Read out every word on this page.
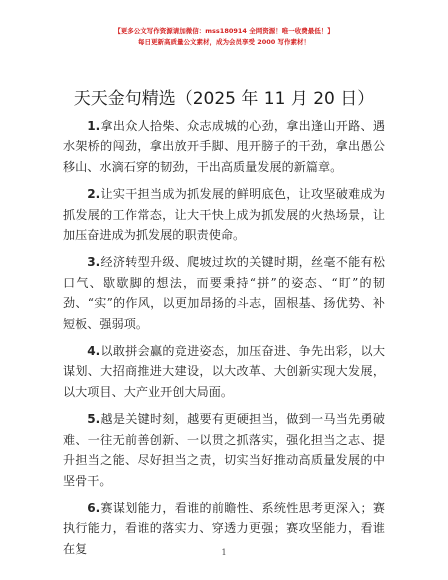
【更多公文写作资源请加微信：mss180914 全网资源！唯一收费最低！】
每日更新高质量公文素材，成为会员享受 2000 写作素材！
天天金句精选（2025 年 11 月 20 日）

1.拿出众人拾柴、众志成城的心劲，拿出逢山开路、遇水架桥的闯劲，拿出放开手脚、甩开膀子的干劲，拿出愚公移山、水滴石穿的韧劲，干出高质量发展的新篇章。

2.让实干担当成为抓发展的鲜明底色，让攻坚破难成为抓发展的工作常态，让大干快上成为抓发展的火热场景，让加压奋进成为抓发展的职责使命。

3.经济转型升级、爬坡过坎的关键时期，丝毫不能有松口气、歇歇脚的想法，而要秉持“拼”的姿态、“盯”的韧劲、“实”的作风，以更加昂扬的斗志，固根基、扬优势、补短板、强弱项。

4.以敢拼会赢的竞进姿态，加压奋进、争先出彩，以大谋划、大招商推进大建设，以大改革、大创新实现大发展，以大项目、大产业开创大局面。

5.越是关键时刻，越要有更硬担当，做到一马当先勇破难、一往无前善创新、一以贯之抓落实，强化担当之志、提升担当之能、尽好担当之责，切实当好推动高质量发展的中坚骨干。

6.赛谋划能力，看谁的前瞻性、系统性思考更深入；赛执行能力，看谁的落实力、穿透力更强；赛攻坚能力，看谁在复	1
